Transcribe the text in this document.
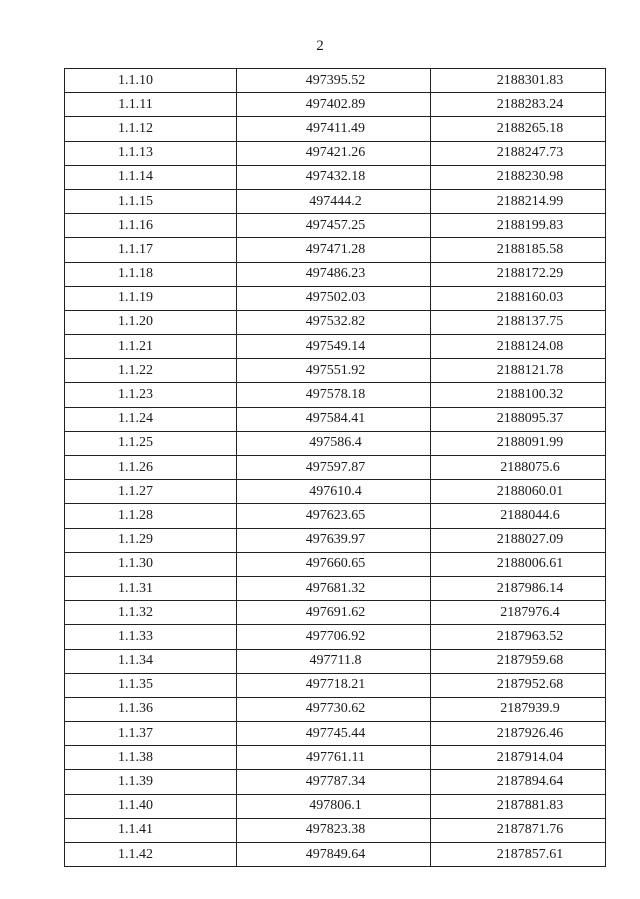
2
1.1.10	497395.52	2188301.83
1.1.11	497402.89	2188283.24
1.1.12	497411.49	2188265.18
1.1.13	497421.26	2188247.73
1.1.14	497432.18	2188230.98
1.1.15	497444.2	2188214.99
1.1.16	497457.25	2188199.83
1.1.17	497471.28	2188185.58
1.1.18	497486.23	2188172.29
1.1.19	497502.03	2188160.03
1.1.20	497532.82	2188137.75
1.1.21	497549.14	2188124.08
1.1.22	497551.92	2188121.78
1.1.23	497578.18	2188100.32
1.1.24	497584.41	2188095.37
1.1.25	497586.4	2188091.99
1.1.26	497597.87	2188075.6
1.1.27	497610.4	2188060.01
1.1.28	497623.65	2188044.6
1.1.29	497639.97	2188027.09
1.1.30	497660.65	2188006.61
1.1.31	497681.32	2187986.14
1.1.32	497691.62	2187976.4
1.1.33	497706.92	2187963.52
1.1.34	497711.8	2187959.68
1.1.35	497718.21	2187952.68
1.1.36	497730.62	2187939.9
1.1.37	497745.44	2187926.46
1.1.38	497761.11	2187914.04
1.1.39	497787.34	2187894.64
1.1.40	497806.1	2187881.83
1.1.41	497823.38	2187871.76
1.1.42	497849.64	2187857.61
